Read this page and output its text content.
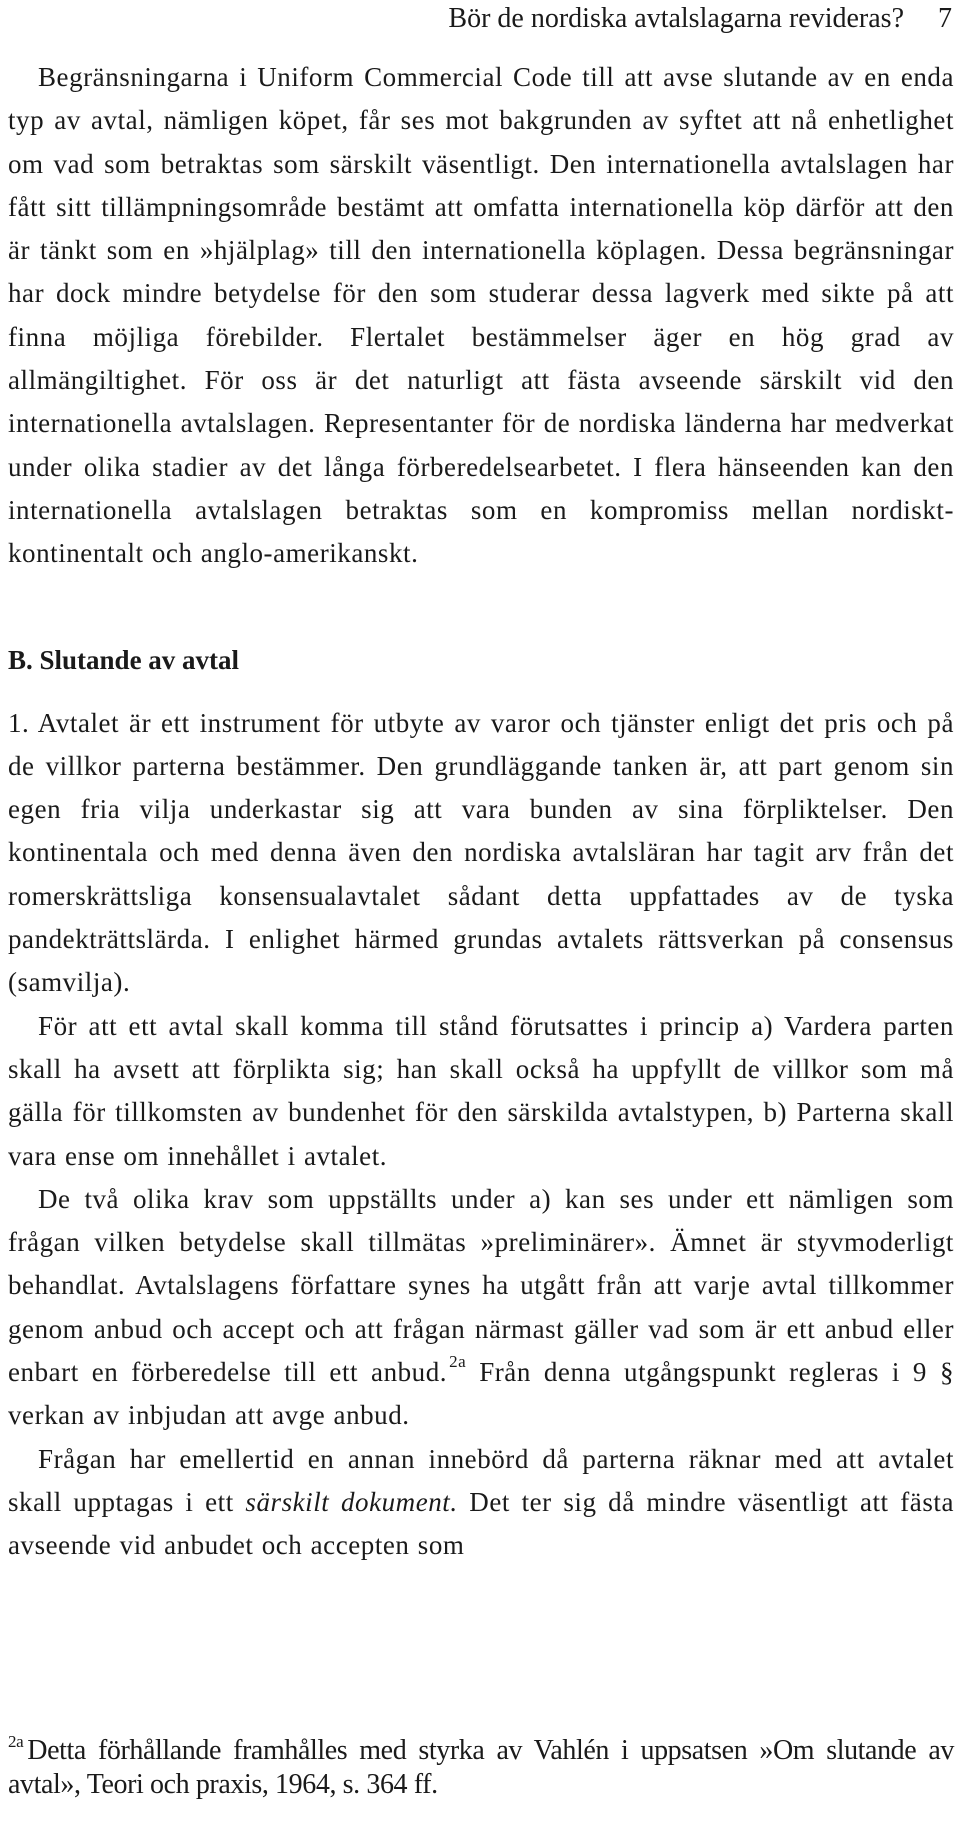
Bör de nordiska avtalslagarna revideras? 7

Begränsningarna i Uniform Commercial Code till att avse slutande av en enda typ av avtal, nämligen köpet, får ses mot bakgrunden av syftet att nå enhetlighet om vad som betraktas som särskilt väsentligt. Den internationella avtalslagen har fått sitt tillämpningsområde bestämt att omfatta internationella köp därför att den är tänkt som en »hjälplag» till den internationella köplagen. Dessa begränsningar har dock mindre betydelse för den som studerar dessa lagverk med sikte på att finna möjliga förebilder. Flertalet bestämmelser äger en hög grad av allmängiltighet. För oss är det naturligt att fästa avseende särskilt vid den internationella avtalslagen. Representanter för de nordiska länderna har medverkat under olika stadier av det långa förberedelsearbetet. I flera hänseenden kan den internationella avtalslagen betraktas som en kompromiss mellan nordiskt-kontinentalt och anglo-amerikanskt.

B. Slutande av avtal

1. Avtalet är ett instrument för utbyte av varor och tjänster enligt det pris och på de villkor parterna bestämmer. Den grundläggande tanken är, att part genom sin egen fria vilja underkastar sig att vara bunden av sina förpliktelser. Den kontinentala och med denna även den nordiska avtalsläran har tagit arv från det romerskrättsliga konsensualavtalet sådant detta uppfattades av de tyska pandekträttslärda. I enlighet härmed grundas avtalets rättsverkan på consensus (samvilja).

För att ett avtal skall komma till stånd förutsattes i princip a) Vardera parten skall ha avsett att förplikta sig; han skall också ha uppfyllt de villkor som må gälla för tillkomsten av bundenhet för den särskilda avtalstypen, b) Parterna skall vara ense om innehållet i avtalet.

De två olika krav som uppställts under a) kan ses under ett nämligen som frågan vilken betydelse skall tillmätas »preliminärer». Ämnet är styvmoderligt behandlat. Avtalslagens författare synes ha utgått från att varje avtal tillkommer genom anbud och accept och att frågan närmast gäller vad som är ett anbud eller enbart en förberedelse till ett anbud. $^{2a}$ Från denna utgångspunkt regleras i 9 § verkan av inbjudan att avge anbud.

Frågan har emellertid en annan innebörd då parterna räknar med att avtalet skall upptagas i ett särskilt dokument. Det ter sig då mindre väsentligt att fästa avseende vid anbudet och accepten som

$^{2a}$ Detta förhållande framhålles med styrka av Vahlén i uppsatsen »Om slutande av avtal», Teori och praxis, 1964, s. 364 ff.
